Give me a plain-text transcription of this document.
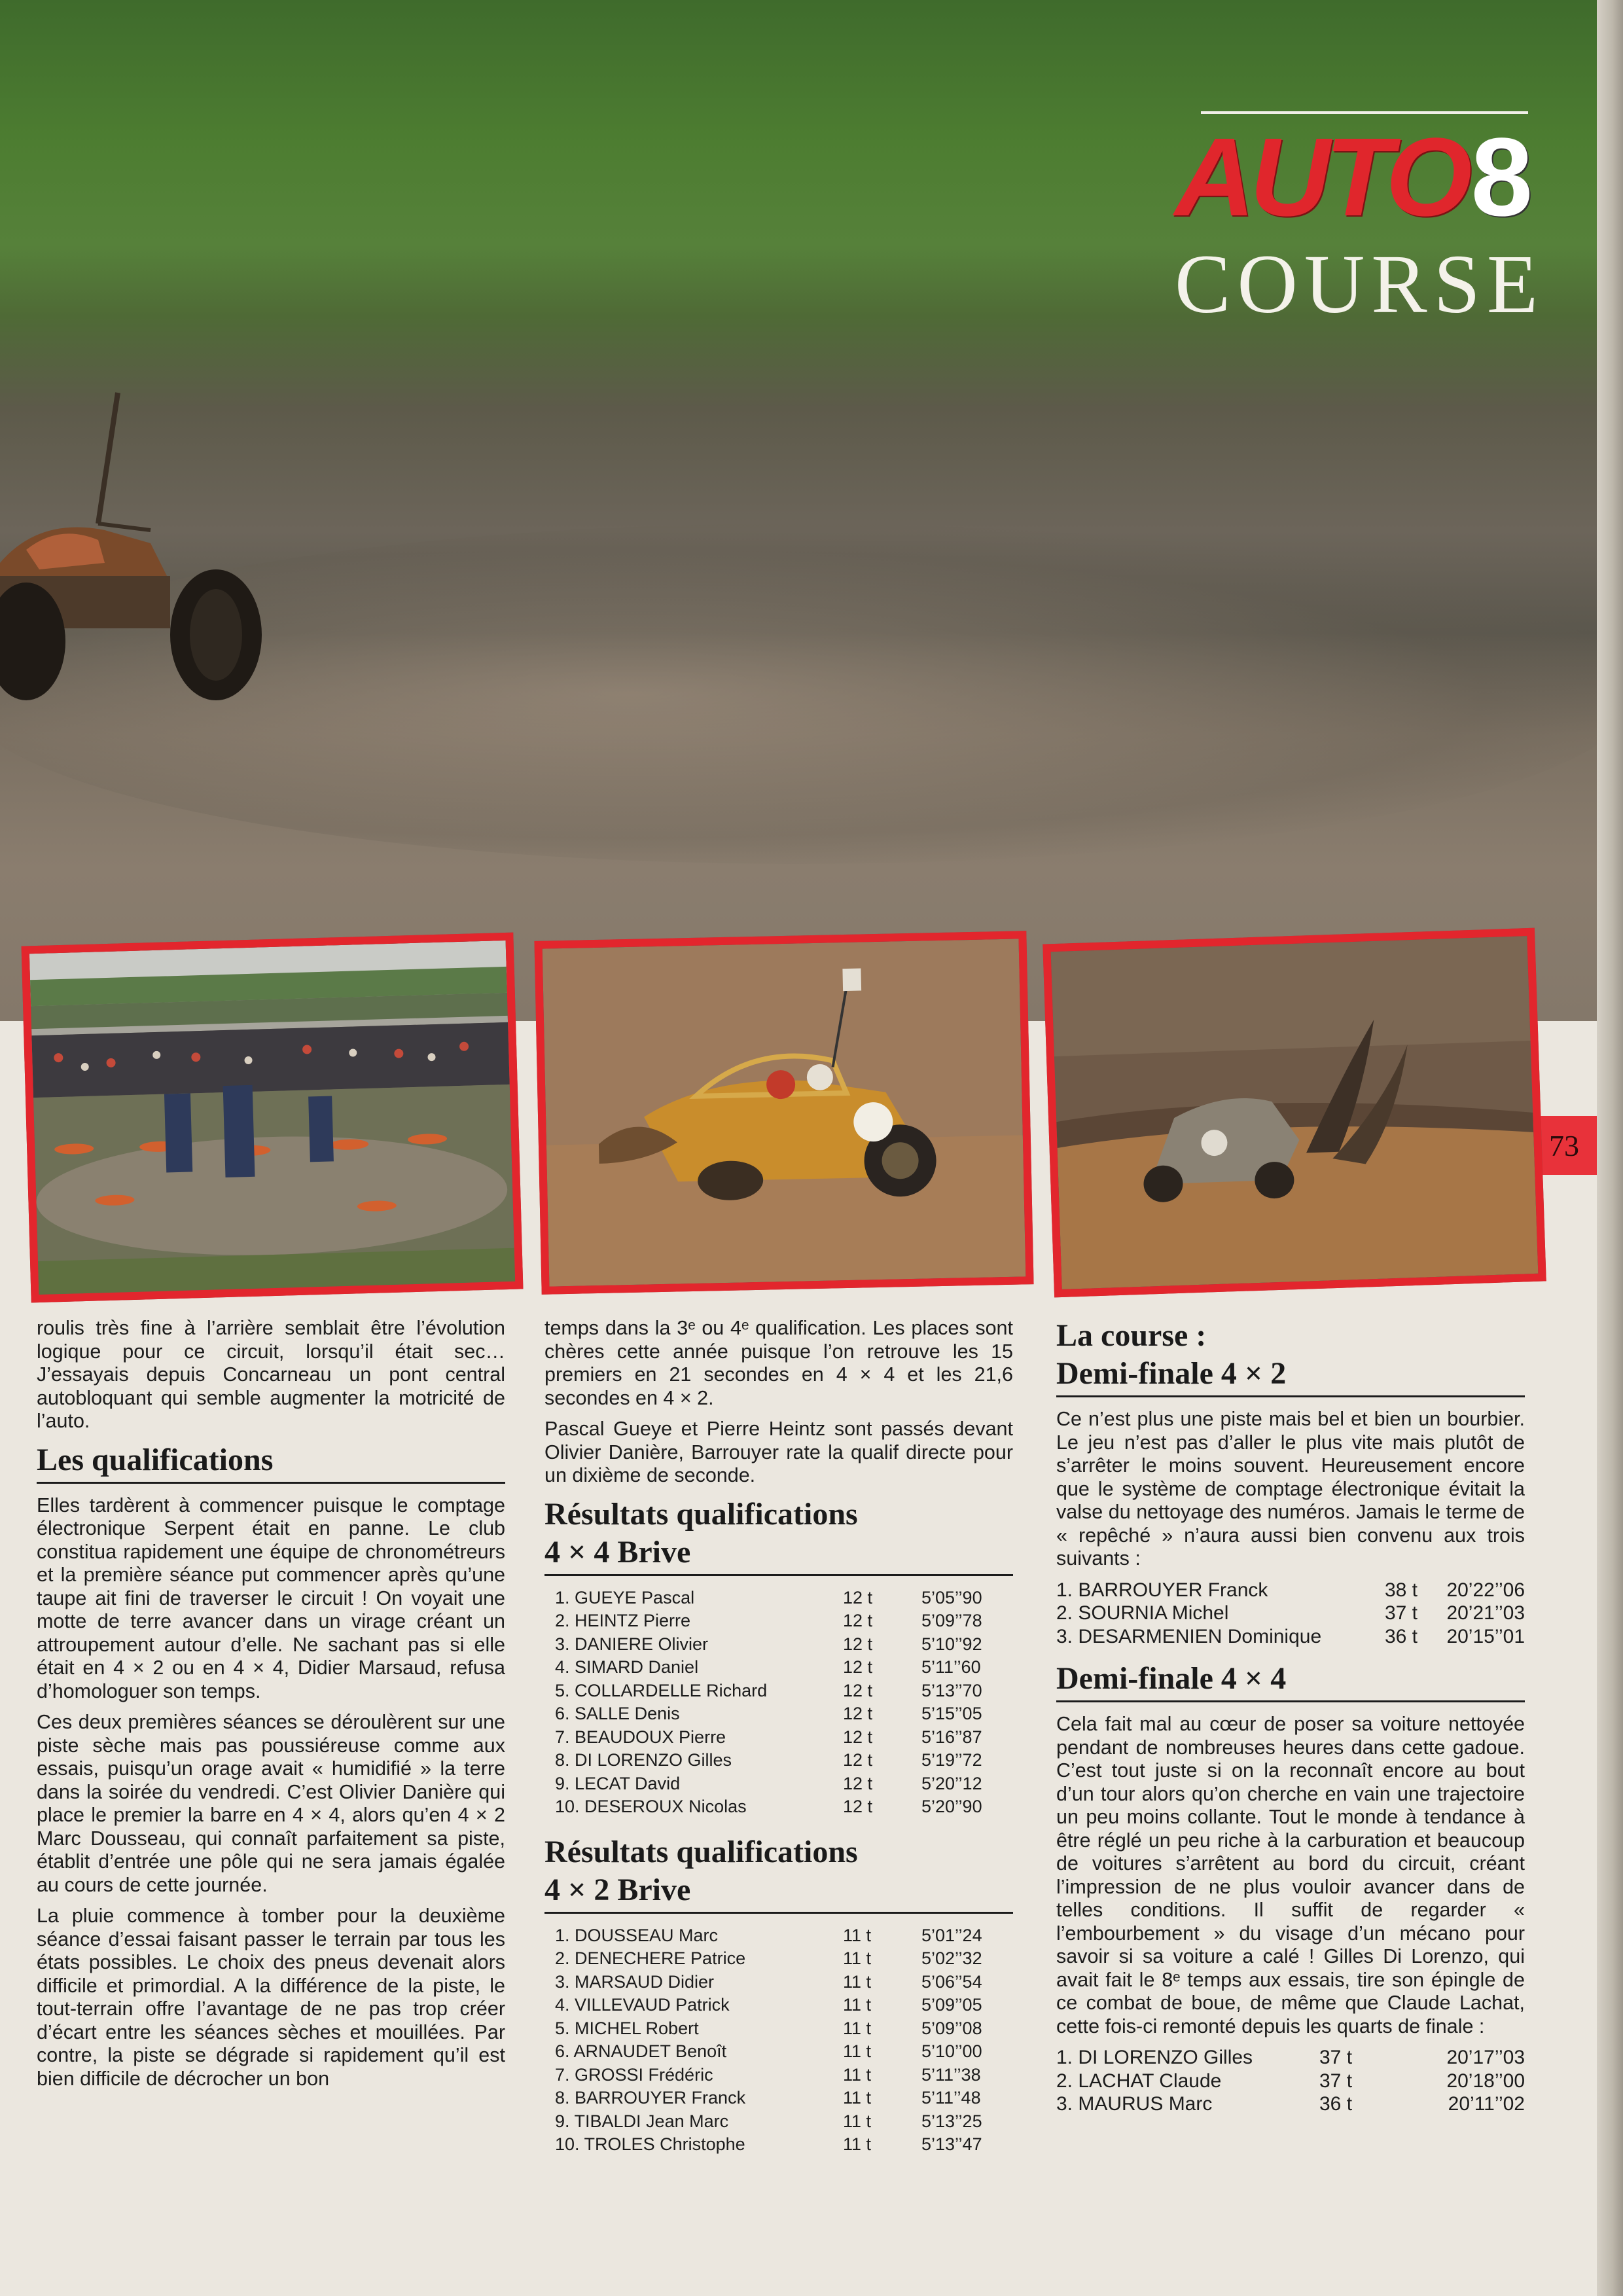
AUTO 8
COURSE
73

roulis très fine à l’arrière semblait être l’évolution logique pour ce circuit, lorsqu’il était sec… J’essayais depuis Concarneau un pont central autobloquant qui semble augmenter la motricité de l’auto.

Les qualifications

Elles tardèrent à commencer puisque le comptage électronique Serpent était en panne. Le club constitua rapidement une équipe de chronométreurs et la première séance put commencer après qu’une taupe ait fini de traverser le circuit ! On voyait une motte de terre avancer dans un virage créant un attroupement autour d’elle. Ne sachant pas si elle était en 4 × 2 ou en 4 × 4, Didier Marsaud, refusa d’homologuer son temps.

Ces deux premières séances se déroulèrent sur une piste sèche mais pas poussiéreuse comme aux essais, puisqu’un orage avait « humidifié » la terre dans la soirée du vendredi. C’est Olivier Danière qui place le premier la barre en 4 × 4, alors qu’en 4 × 2 Marc Dousseau, qui connaît parfaitement sa piste, établit d’entrée une pôle qui ne sera jamais égalée au cours de cette journée.

La pluie commence à tomber pour la deuxième séance d’essai faisant passer le terrain par tous les états possibles. Le choix des pneus devenait alors difficile et primordial. A la différence de la piste, le tout-terrain offre l’avantage de ne pas trop créer d’écart entre les séances sèches et mouillées. Par contre, la piste se dégrade si rapidement qu’il est bien difficile de décrocher un bon

temps dans la 3ᵉ ou 4ᵉ qualification. Les places sont chères cette année puisque l’on retrouve les 15 premiers en 21 secondes en 4 × 4 et les 21,6 secondes en 4 × 2.

Pascal Gueye et Pierre Heintz sont passés devant Olivier Danière, Barrouyer rate la qualif directe pour un dixième de seconde.

Résultats qualifications
4 × 4 Brive
1. GUEYE Pascal	12 t	5’05’’90
2. HEINTZ Pierre	12 t	5’09’’78
3. DANIERE Olivier	12 t	5’10’’92
4. SIMARD Daniel	12 t	5’11’’60
5. COLLARDELLE Richard	12 t	5’13’’70
6. SALLE Denis	12 t	5’15’’05
7. BEAUDOUX Pierre	12 t	5’16’’87
8. DI LORENZO Gilles	12 t	5’19’’72
9. LECAT David	12 t	5’20’’12
10. DESEROUX Nicolas	12 t	5’20’’90
Résultats qualifications
4 × 2 Brive
1. DOUSSEAU Marc	11 t	5’01’’24
2. DENECHERE Patrice	11 t	5’02’’32
3. MARSAUD Didier	11 t	5’06’’54
4. VILLEVAUD Patrick	11 t	5’09’’05
5. MICHEL Robert	11 t	5’09’’08
6. ARNAUDET Benoît	11 t	5’10’’00
7. GROSSI Frédéric	11 t	5’11’’38
8. BARROUYER Franck	11 t	5’11’’48
9. TIBALDI Jean Marc	11 t	5’13’’25
10. TROLES Christophe	11 t	5’13’’47
La course :
Demi-finale 4 × 2

Ce n’est plus une piste mais bel et bien un bourbier. Le jeu n’est pas d’aller le plus vite mais plutôt de s’arrêter le moins souvent. Heureusement encore que le système de comptage électronique évitait la valse du nettoyage des numéros. Jamais le terme de « repêché » n’aura aussi bien convenu aux trois suivants :

1. BARROUYER Franck	38 t	20’22’’06
2. SOURNIA Michel	37 t	20’21’’03
3. DESARMENIEN Dominique	36 t	20’15’’01
Demi-finale 4 × 4

Cela fait mal au cœur de poser sa voiture nettoyée pendant de nombreuses heures dans cette gadoue. C’est tout juste si on la reconnaît encore au bout d’un tour alors qu’on cherche en vain une trajectoire un peu moins collante. Tout le monde à tendance à être réglé un peu riche à la carburation et beaucoup de voitures s’arrêtent au bord du circuit, créant l’impression de ne plus vouloir avancer dans de telles conditions. Il suffit de regarder « l’embourbement » du visage d’un mécano pour savoir si sa voiture a calé ! Gilles Di Lorenzo, qui avait fait le 8ᵉ temps aux essais, tire son épingle de ce combat de boue, de même que Claude Lachat, cette fois-ci remonté depuis les quarts de finale :

1. DI LORENZO Gilles	37 t	20’17’’03
2. LACHAT Claude	37 t	20’18’’00
3. MAURUS Marc	36 t	20’11’’02
